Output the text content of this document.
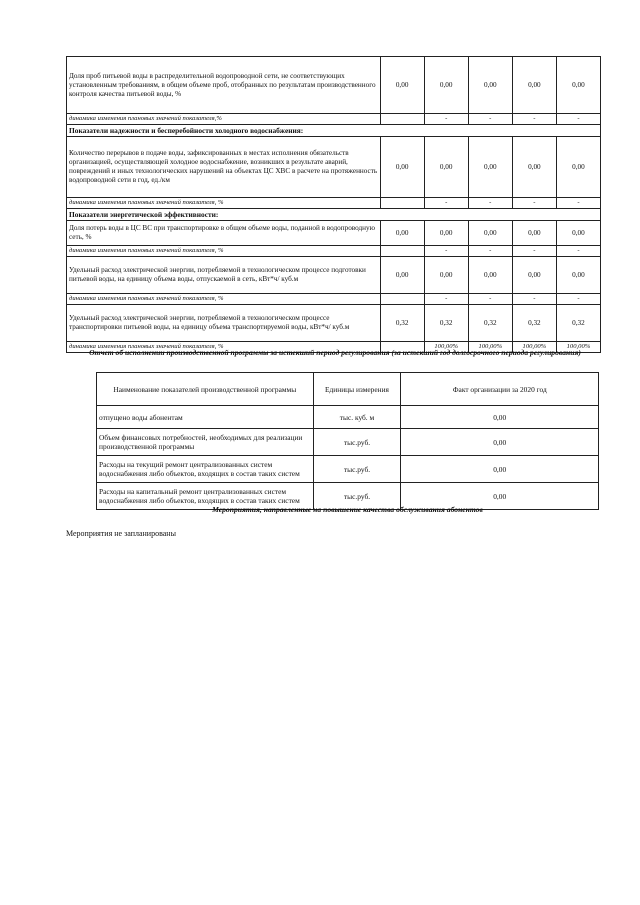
Доля проб питьевой воды в распределительной водопроводной сети, не соответствующих установленным требованиям, в общем объеме проб, отобранных по результатам производственного контроля качества питьевой воды, %	0,00	0,00	0,00	0,00	0,00
динамика изменения плановых значений показателя,%		-	-	-	-
Показатели надежности и бесперебойности холодного водоснабжения:					
Количество перерывов в подаче воды, зафиксированных в местах исполнения обязательств организацией, осуществляющей холодное водоснабжение, возникших в результате аварий, повреждений и иных технологических нарушений на объектах ЦС ХВС в расчете на протяженность водопроводной сети в год, ед./км	0,00	0,00	0,00	0,00	0,00
динамика изменения плановых значений показателя, %		-	-	-	-
Показатели энергетической эффективности:					
Доля потерь воды в ЦС ВС при транспортировке в общем объеме воды, поданной в водопроводную сеть, %	0,00	0,00	0,00	0,00	0,00
динамика изменения плановых значений показателя, %		-	-	-	-
Удельный расход электрической энергии, потребляемой в технологическом процессе подготовки питьевой воды, на единицу объема воды, отпускаемой в сеть, кВт*ч/ куб.м	0,00	0,00	0,00	0,00	0,00
динамика изменения плановых значений показателя, %		-	-	-	-
Удельный расход электрической энергии, потребляемой в технологическом процессе транспортировки питьевой воды, на единицу объема транспортируемой воды, кВт*ч/ куб.м	0,32	0,32	0,32	0,32	0,32
динамика изменения плановых значений показателя, %		100,00%	100,00%	100,00%	100,00%
Отчет об исполнении производственной программы за истекший период регулирования (за истекший год долгосрочного периода регулирования)
Наименование показателей производственной программы	Единицы измерения	Факт организации за 2020 год
отпущено воды абонентам	тыс. куб. м	0,00
Объем финансовых потребностей, необходимых для реализации производственной программы	тыс.руб.	0,00
Расходы на текущий ремонт централизованных систем водоснабжения либо объектов, входящих в состав таких систем	тыс.руб.	0,00
Расходы на капитальный ремонт централизованных систем водоснабжения либо объектов, входящих в состав таких систем	тыс.руб.	0,00
Мероприятия, направленные на повышение качества обслуживания абонентов
Мероприятия не запланированы
